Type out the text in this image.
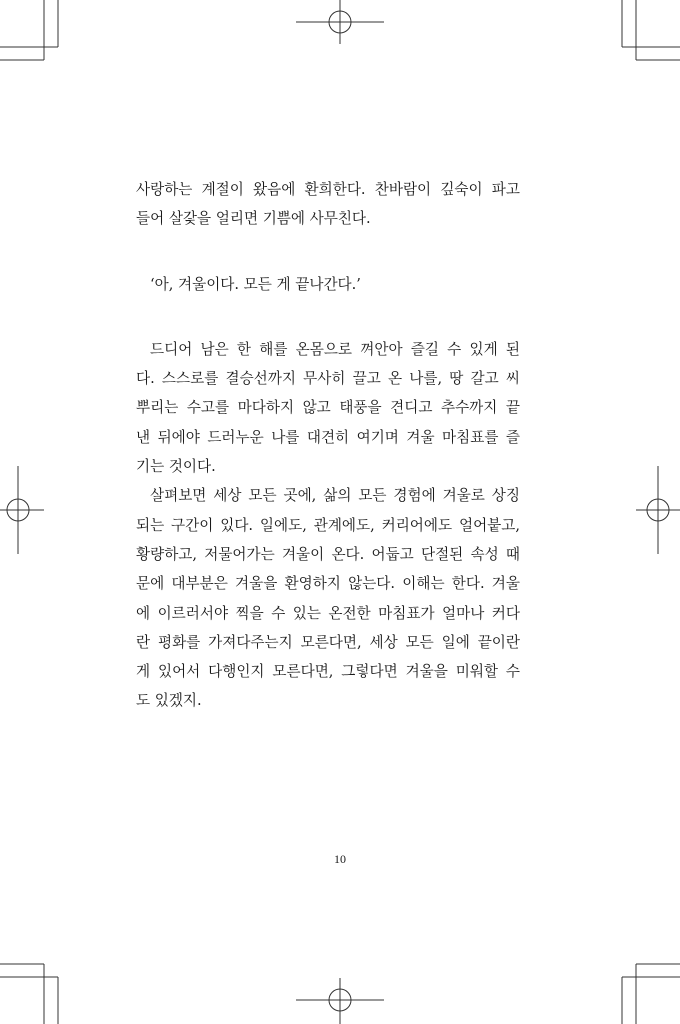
사랑하는 계절이 왔음에 환희한다. 찬바람이 깊숙이 파고
들어 살갗을 얼리면 기쁨에 사무친다.
‘아, 겨울이다. 모든 게 끝나간다.’
드디어 남은 한 해를 온몸으로 껴안아 즐길 수 있게 된
다. 스스로를 결승선까지 무사히 끌고 온 나를, 땅 갈고 씨
뿌리는 수고를 마다하지 않고 태풍을 견디고 추수까지 끝
낸 뒤에야 드러누운 나를 대견히 여기며 겨울 마침표를 즐
기는 것이다.
살펴보면 세상 모든 곳에, 삶의 모든 경험에 겨울로 상징
되는 구간이 있다. 일에도, 관계에도, 커리어에도 얼어붙고,
황량하고, 저물어가는 겨울이 온다. 어둡고 단절된 속성 때
문에 대부분은 겨울을 환영하지 않는다. 이해는 한다. 겨울
에 이르러서야 찍을 수 있는 온전한 마침표가 얼마나 커다
란 평화를 가져다주는지 모른다면, 세상 모든 일에 끝이란
게 있어서 다행인지 모른다면, 그렇다면 겨울을 미워할 수
도 있겠지.
10
